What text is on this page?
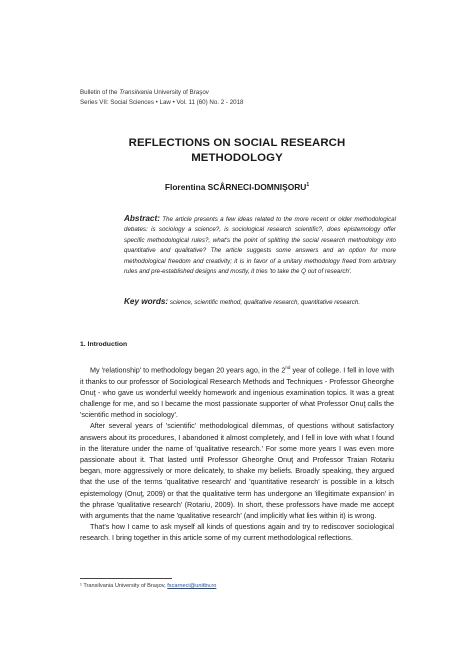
Bulletin of the Transilvania University of Braşov
Series VII: Social Sciences • Law • Vol. 11 (60) No. 2 - 2018
REFLECTIONS ON SOCIAL RESEARCH
METHODOLOGY
Florentina SCÂRNECI-DOMNIŞORU$^1$
Abstract: The article presents a few ideas related to the more recent or older methodological debates: is sociology a science?, is sociological research scientific?, does epistemology offer specific methodological rules?, what's the point of splitting the social research methodology into quantitative and qualitative? The article suggests some answers and an option for more methodological freedom and creativity; it is in favor of a unitary methodology freed from arbitrary rules and pre-established designs and mostly, it tries 'to take the Q out of research'.
Key words: science, scientific method, qualitative research, quantitative research.
1. Introduction

My 'relationship' to methodology began 20 years ago, in the 2nd year of college. I fell in love with it thanks to our professor of Sociological Research Methods and Techniques - Professor Gheorghe Onuţ - who gave us wonderful weekly homework and ingenious examination topics. It was a great challenge for me, and so I became the most passionate supporter of what Professor Onuţ calls the 'scientific method in sociology'.

After several years of 'scientific' methodological dilemmas, of questions without satisfactory answers about its procedures, I abandoned it almost completely, and I fell in love with what I found in the literature under the name of 'qualitative research.' For some more years I was even more passionate about it. That lasted until Professor Gheorghe Onuţ and Professor Traian Rotariu began, more aggressively or more delicately, to shake my beliefs. Broadly speaking, they argued that the use of the terms 'qualitative research' and 'quantitative research' is possible in a kitsch epistemology (Onuţ, 2009) or that the qualitative term has undergone an 'illegitimate expansion' in the phrase 'qualitative research' (Rotariu, 2009). In short, these professors have made me accept with arguments that the name 'qualitative research' (and implicitly what lies within it) is wrong.

That's how I came to ask myself all kinds of questions again and try to rediscover sociological research. I bring together in this article some of my current methodological reflections.

¹ Transilvania University of Braşov, fscarneci@unitbv.ro
